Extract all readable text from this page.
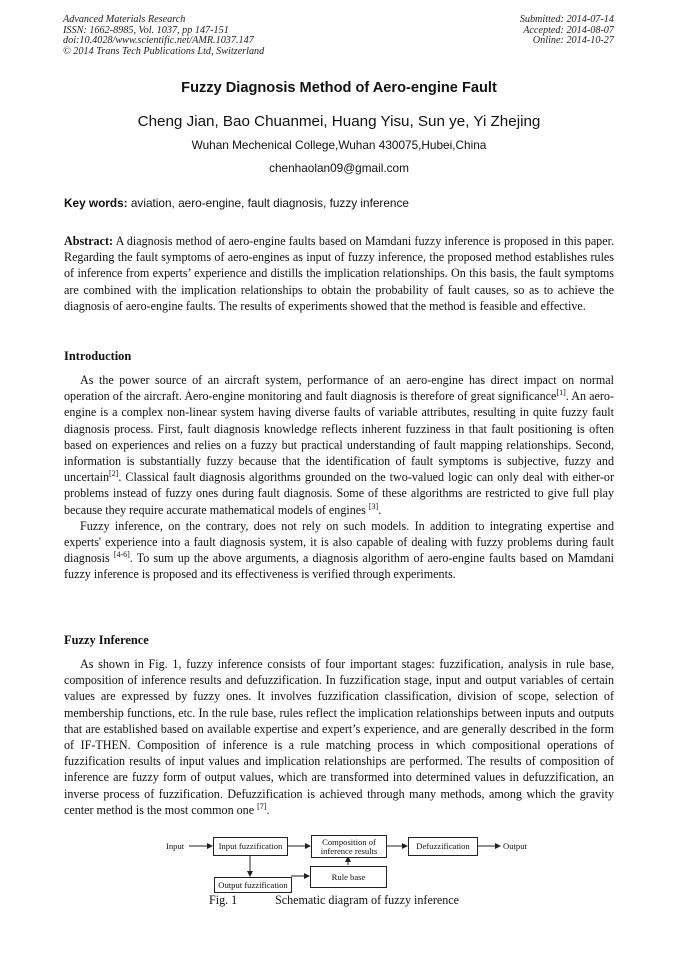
Advanced Materials Research
ISSN: 1662-8985, Vol. 1037, pp 147-151
doi:10.4028/www.scientific.net/AMR.1037.147
© 2014 Trans Tech Publications Ltd, Switzerland
Submitted: 2014-07-14
Accepted: 2014-08-07
Online: 2014-10-27
Fuzzy Diagnosis Method of Aero-engine Fault
Cheng Jian, Bao Chuanmei, Huang Yisu, Sun ye, Yi Zhejing
Wuhan Mechenical College,Wuhan 430075,Hubei,China
chenhaolan09@gmail.com
Key words: aviation, aero-engine, fault diagnosis, fuzzy inference

Abstract: A diagnosis method of aero-engine faults based on Mamdani fuzzy inference is proposed in this paper. Regarding the fault symptoms of aero-engines as input of fuzzy inference, the proposed method establishes rules of inference from experts’ experience and distills the implication relationships. On this basis, the fault symptoms are combined with the implication relationships to obtain the probability of fault causes, so as to achieve the diagnosis of aero-engine faults. The results of experiments showed that the method is feasible and effective.

Introduction

As the power source of an aircraft system, performance of an aero-engine has direct impact on normal operation of the aircraft. Aero-engine monitoring and fault diagnosis is therefore of great significance[1]. An aero-engine is a complex non-linear system having diverse faults of variable attributes, resulting in quite fuzzy fault diagnosis process. First, fault diagnosis knowledge reflects inherent fuzziness in that fault positioning is often based on experiences and relies on a fuzzy but practical understanding of fault mapping relationships. Second, information is substantially fuzzy because that the identification of fault symptoms is subjective, fuzzy and uncertain[2]. Classical fault diagnosis algorithms grounded on the two-valued logic can only deal with either-or problems instead of fuzzy ones during fault diagnosis. Some of these algorithms are restricted to give full play because they require accurate mathematical models of engines [3].

Fuzzy inference, on the contrary, does not rely on such models. In addition to integrating expertise and experts' experience into a fault diagnosis system, it is also capable of dealing with fuzzy problems during fault diagnosis [4-6]. To sum up the above arguments, a diagnosis algorithm of aero-engine faults based on Mamdani fuzzy inference is proposed and its effectiveness is verified through experiments.

Fuzzy Inference

As shown in Fig. 1, fuzzy inference consists of four important stages: fuzzification, analysis in rule base, composition of inference results and defuzzification. In fuzzification stage, input and output variables of certain values are expressed by fuzzy ones. It involves fuzzification classification, division of scope, selection of membership functions, etc. In the rule base, rules reflect the implication relationships between inputs and outputs that are established based on available expertise and expert’s experience, and are generally described in the form of IF-THEN. Composition of inference is a rule matching process in which compositional operations of fuzzification results of input values and implication relationships are performed. The results of composition of inference are fuzzy form of output values, which are transformed into determined values in defuzzification, an inverse process of fuzzification. Defuzzification is achieved through many methods, among which the gravity center method is the most common one [7].

Input	Input fuzzification	Composition of inference results	Defuzzification	Output
Rule base
Output fuzzification
Fig. 1	Schematic diagram of fuzzy inference
